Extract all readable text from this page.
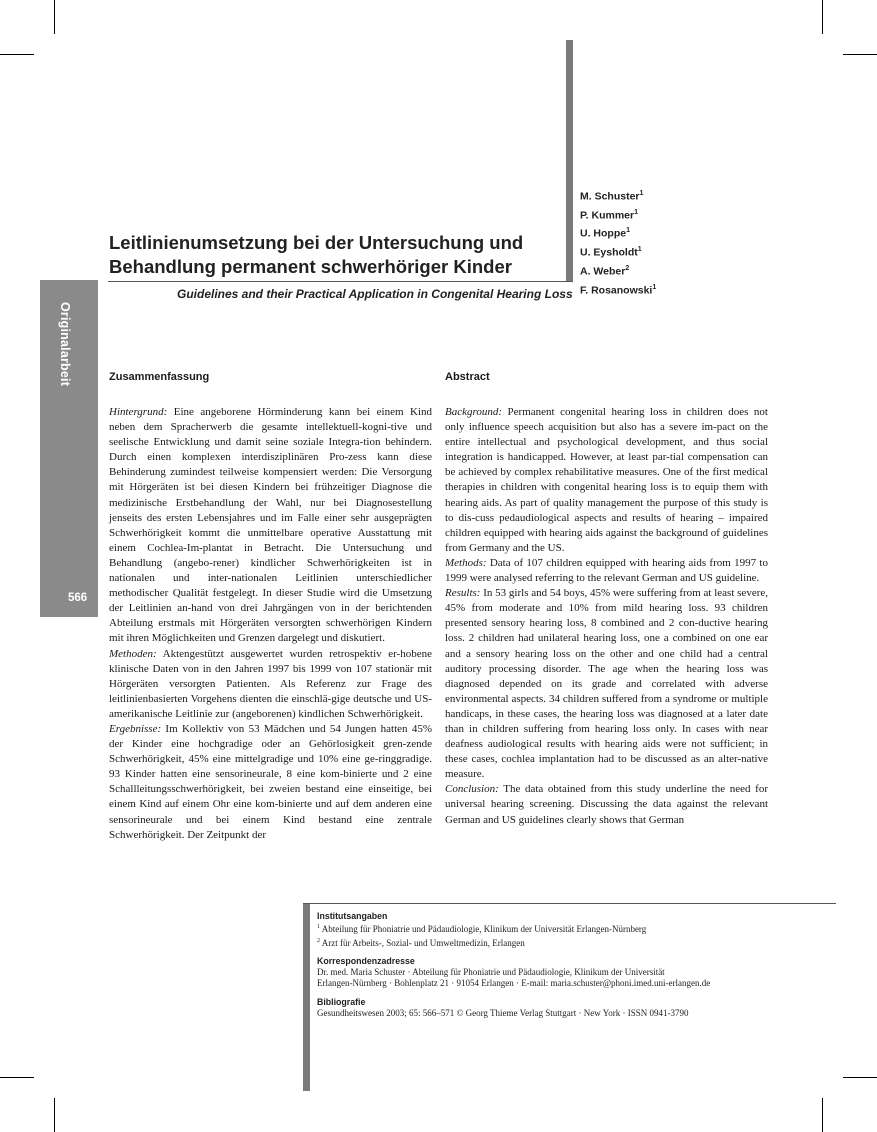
Leitlinienumsetzung bei der Untersuchung und
Behandlung permanent schwerhöriger Kinder
Guidelines and their Practical Application in Congenital Hearing Loss
M. Schuster$^1$
P. Kummer$^1$
U. Hoppe$^1$
U. Eysholdt$^1$
A. Weber$^2$
F. Rosanowski$^1$
Originalarbeit
566
Zusammenfassung

Hintergrund: Eine angeborene Hörminderung kann bei einem Kind neben dem Spracherwerb die gesamte intellektuell-kogni-tive und seelische Entwicklung und damit seine soziale Integra-tion behindern. Durch einen komplexen interdisziplinären Pro-zess kann diese Behinderung zumindest teilweise kompensiert werden: Die Versorgung mit Hörgeräten ist bei diesen Kindern bei frühzeitiger Diagnose die medizinische Erstbehandlung der Wahl, nur bei Diagnosestellung jenseits des ersten Lebensjahres und im Falle einer sehr ausgeprägten Schwerhörigkeit kommt die unmittelbare operative Ausstattung mit einem Cochlea-Im-plantat in Betracht. Die Untersuchung und Behandlung (angebo-rener) kindlicher Schwerhörigkeiten ist in nationalen und inter-nationalen Leitlinien unterschiedlicher methodischer Qualität festgelegt. In dieser Studie wird die Umsetzung der Leitlinien an-hand von drei Jahrgängen von in der berichtenden Abteilung erstmals mit Hörgeräten versorgten schwerhörigen Kindern mit ihren Möglichkeiten und Grenzen dargelegt und diskutiert.

Methoden: Aktengestützt ausgewertet wurden retrospektiv er-hobene klinische Daten von in den Jahren 1997 bis 1999 von 107 stationär mit Hörgeräten versorgten Patienten. Als Referenz zur Frage des leitlinienbasierten Vorgehens dienten die einschlä-gige deutsche und US-amerikanische Leitlinie zur (angeborenen) kindlichen Schwerhörigkeit.

Ergebnisse: Im Kollektiv von 53 Mädchen und 54 Jungen hatten 45% der Kinder eine hochgradige oder an Gehörlosigkeit gren-zende Schwerhörigkeit, 45% eine mittelgradige und 10% eine ge-ringgradige. 93 Kinder hatten eine sensorineurale, 8 eine kom-binierte und 2 eine Schallleitungsschwerhörigkeit, bei zweien bestand eine einseitige, bei einem Kind auf einem Ohr eine kom-binierte und auf dem anderen eine sensorineurale und bei einem Kind bestand eine zentrale Schwerhörigkeit. Der Zeitpunkt der

Abstract

Background: Permanent congenital hearing loss in children does not only influence speech acquisition but also has a severe im-pact on the entire intellectual and psychological development, and thus social integration is handicapped. However, at least par-tial compensation can be achieved by complex rehabilitative measures. One of the first medical therapies in children with congenital hearing loss is to equip them with hearing aids. As part of quality management the purpose of this study is to dis-cuss pedaudiological aspects and results of hearing – impaired children equipped with hearing aids against the background of guidelines from Germany and the US.

Methods: Data of 107 children equipped with hearing aids from 1997 to 1999 were analysed referring to the relevant German and US guideline.

Results: In 53 girls and 54 boys, 45% were suffering from at least severe, 45% from moderate and 10% from mild hearing loss. 93 children presented sensory hearing loss, 8 combined and 2 con-ductive hearing loss. 2 children had unilateral hearing loss, one a combined on one ear and a sensory hearing loss on the other and one child had a central auditory processing disorder. The age when the hearing loss was diagnosed depended on its grade and correlated with adverse environmental aspects. 34 children suffered from a syndrome or multiple handicaps, in these cases, the hearing loss was diagnosed at a later date than in children suffering from hearing loss only. In cases with near deafness audiological results with hearing aids were not sufficient; in these cases, cochlea implantation had to be discussed as an alter-native measure.

Conclusion: The data obtained from this study underline the need for universal hearing screening. Discussing the data against the relevant German and US guidelines clearly shows that German

Institutsangaben
$^1$ Abteilung für Phoniatrie und Pädaudiologie, Klinikum der Universität Erlangen-Nürnberg
$^2$ Arzt für Arbeits-, Sozial- und Umweltmedizin, Erlangen
Korrespondenzadresse
Dr. med. Maria Schuster · Abteilung für Phoniatrie und Pädaudiologie, Klinikum der Universität
Erlangen-Nürnberg · Bohlenplatz 21 · 91054 Erlangen · E-mail: maria.schuster@phoni.imed.uni-erlangen.de
Bibliografie
Gesundheitswesen 2003; 65: 566–571 © Georg Thieme Verlag Stuttgart · New York · ISSN 0941-3790
